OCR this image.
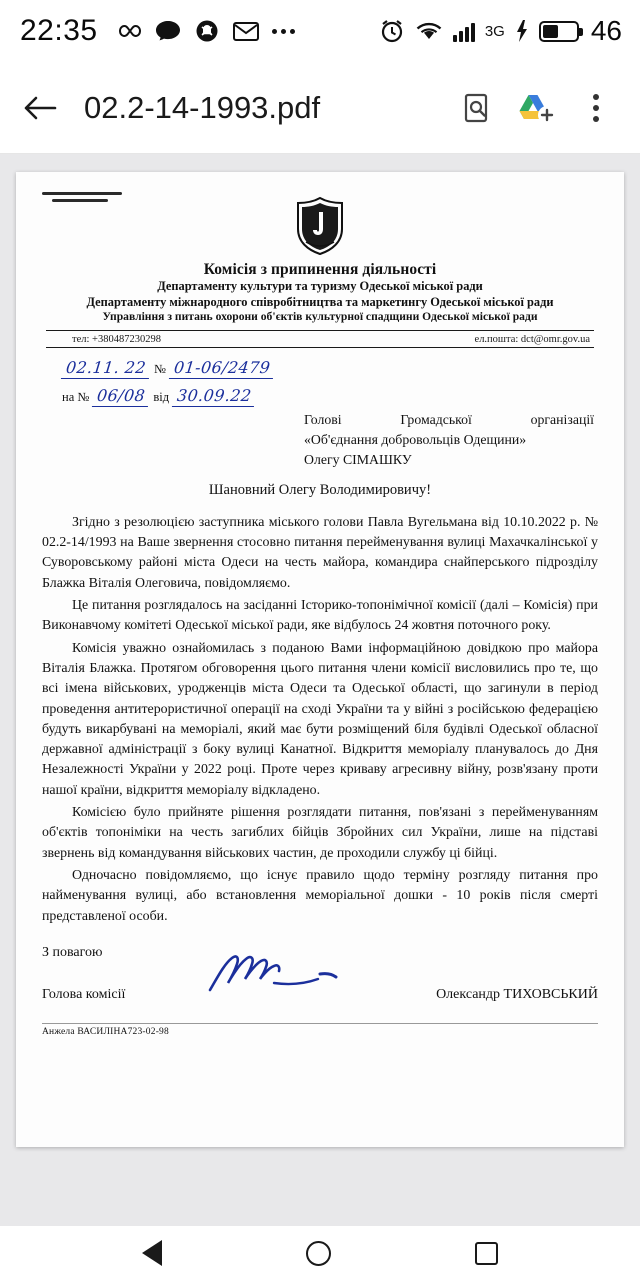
22:35	3G	46
02.2-14-1993.pdf
Комісія з припинення діяльності
Департаменту культури та туризму Одеської міської ради
Департаменту міжнародного співробітництва та маркетингу Одеської міської ради
Управління з питань охорони об'єктів культурної спадщини Одеської міської ради
тел: +380487230298	ел.пошта: dct@omr.gov.ua
02.11. 22 № 01-06/2479
на № 06/08 від 30.09.22
Голові	Громадської	організації
«Об'єднання добровольців Одещини»
Олегу СІМАШКУ
Шановний Олегу Володимировичу!

Згідно з резолюцією заступника міського голови Павла Вугельмана від 10.10.2022 р. № 02.2-14/1993 на Ваше звернення стосовно питання перейменування вулиці Махачкалінської у Суворовському районі міста Одеси на честь майора, командира снайперського підрозділу Блажка Віталія Олеговича, повідомляємо.

Це питання розглядалось на засіданні Історико-топонімічної комісії (далі – Комісія) при Виконавчому комітеті Одеської міської ради, яке відбулось 24 жовтня поточного року.

Комісія уважно ознайомилась з поданою Вами інформаційною довідкою про майора Віталія Блажка. Протягом обговорення цього питання члени комісії висловились про те, що всі імена військових, уродженців міста Одеси та Одеської області, що загинули в період проведення антитерористичної операції на сході України та у війні з російською федерацією будуть викарбувані на меморіалі, який має бути розміщений біля будівлі Одеської обласної державної адміністрації з боку вулиці Канатної. Відкриття меморіалу планувалось до Дня Незалежності України у 2022 році. Проте через криваву агресивну війну, розв'язану проти нашої країни, відкриття меморіалу відкладено.

Комісією було прийняте рішення розглядати питання, пов'язані з перейменуванням об'єктів топоніміки на честь загиблих бійців Збройних сил України, лише на підставі звернень від командування військових частин, де проходили службу ці бійці.

Одночасно повідомляємо, що існує правило щодо терміну розгляду питання про найменування вулиці, або встановлення меморіальної дошки - 10 років після смерті представленої особи.

З повагою
Голова комісії	Олександр ТИХОВСЬКИЙ
Анжела ВАСИЛІНА723-02-98
